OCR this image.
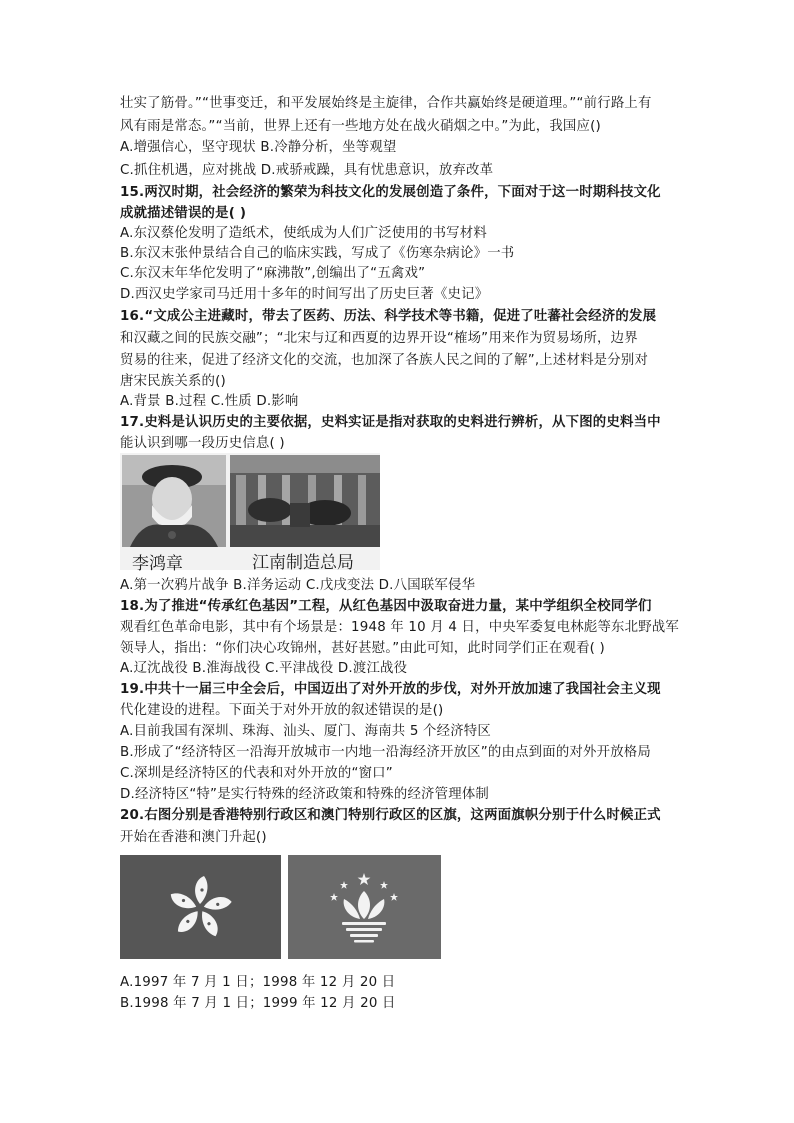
壮实了筋骨。”“世事变迁，和平发展始终是主旋律，合作共赢始终是硬道理。”“前行路上有
风有雨是常态。”“当前，世界上还有一些地方处在战火硝烟之中。”为此，我国应()
A.增强信心，坚守现状 B.冷静分析，坐等观望
C.抓住机遇，应对挑战 D.戒骄戒躁，具有忧患意识，放弃改革
15.两汉时期，社会经济的繁荣为科技文化的发展创造了条件，下面对于这一时期科技文化
成就描述错误的是( )
A.东汉蔡伦发明了造纸术，使纸成为人们广泛使用的书写材料
B.东汉末张仲景结合自己的临床实践，写成了《伤寒杂病论》一书
C.东汉末年华佗发明了“麻沸散”,创编出了“五禽戏”
D.西汉史学家司马迁用十多年的时间写出了历史巨著《史记》
16.“文成公主进藏时，带去了医药、历法、科学技术等书籍，促进了吐蕃社会经济的发展
和汉藏之间的民族交融”；“北宋与辽和西夏的边界开设“榷场”用来作为贸易场所，边界
贸易的往来，促进了经济文化的交流，也加深了各族人民之间的了解”,上述材料是分别对
唐宋民族关系的()
A.背景 B.过程 C.性质 D.影响
17.史料是认识历史的主要依据，史料实证是指对获取的史料进行辨析，从下图的史料当中
能认识到哪一段历史信息( )
李鸿章	江南制造总局
A.第一次鸦片战争 B.洋务运动 C.戊戌变法 D.八国联军侵华
18.为了推进“传承红色基因”工程，从红色基因中汲取奋进力量，某中学组织全校同学们
观看红色革命电影，其中有个场景是：1948 年 10 月 4 日，中央军委复电林彪等东北野战军
领导人，指出：“你们决心攻锦州，甚好甚慰。”由此可知，此时同学们正在观看( )
A.辽沈战役 B.淮海战役 C.平津战役 D.渡江战役
19.中共十一届三中全会后，中国迈出了对外开放的步伐，对外开放加速了我国社会主义现
代化建设的进程。下面关于对外开放的叙述错误的是()
A.目前我国有深圳、珠海、汕头、厦门、海南共 5 个经济特区
B.形成了“经济特区一沿海开放城市一内地一沿海经济开放区”的由点到面的对外开放格局
C.深圳是经济特区的代表和对外开放的“窗口”
D.经济特区“特”是实行特殊的经济政策和特殊的经济管理体制
20.右图分别是香港特别行政区和澳门特别行政区的区旗，这两面旗帜分别于什么时候正式
开始在香港和澳门升起()
A.1997 年 7 月 1 日；1998 年 12 月 20 日
B.1998 年 7 月 1 日；1999 年 12 月 20 日
